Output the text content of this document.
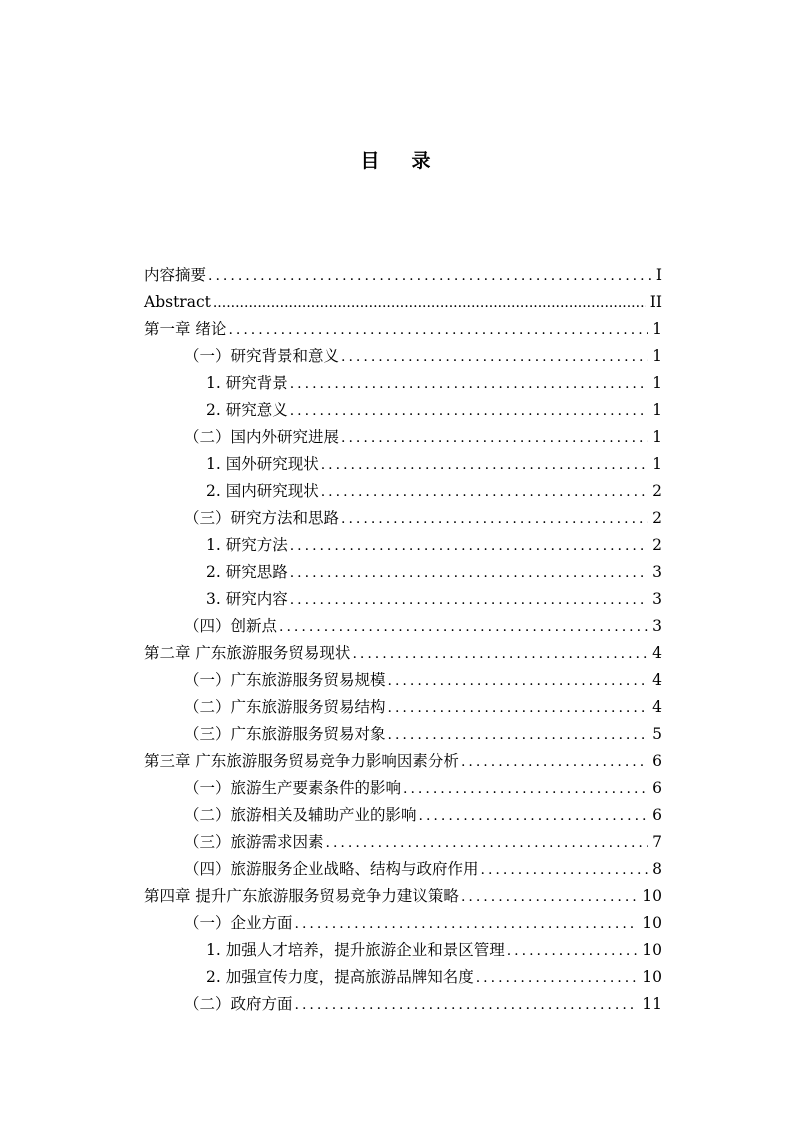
目 录
内容摘要 .....	I
Abstract .....	II
第一章 绪论 .....	1
（一）研究背景和意义 .....	1
1. 研究背景 .....	1
2. 研究意义 .....	1
（二）国内外研究进展 .....	1
1. 国外研究现状 .....	1
2. 国内研究现状 .....	2
（三）研究方法和思路 .....	2
1. 研究方法 .....	2
2. 研究思路 .....	3
3. 研究内容 .....	3
（四）创新点 .....	3
第二章 广东旅游服务贸易现状 .....	4
（一）广东旅游服务贸易规模 .....	4
（二）广东旅游服务贸易结构 .....	4
（三）广东旅游服务贸易对象 .....	5
第三章 广东旅游服务贸易竞争力影响因素分析 .....	6
（一）旅游生产要素条件的影响 .....	6
（二）旅游相关及辅助产业的影响 .....	6
（三）旅游需求因素 .....	7
（四）旅游服务企业战略、结构与政府作用 .....	8
第四章 提升广东旅游服务贸易竞争力建议策略 .....	10
（一）企业方面 .....	10
1. 加强人才培养，提升旅游企业和景区管理 .....	10
2. 加强宣传力度，提高旅游品牌知名度 .....	10
（二）政府方面 .....	11
